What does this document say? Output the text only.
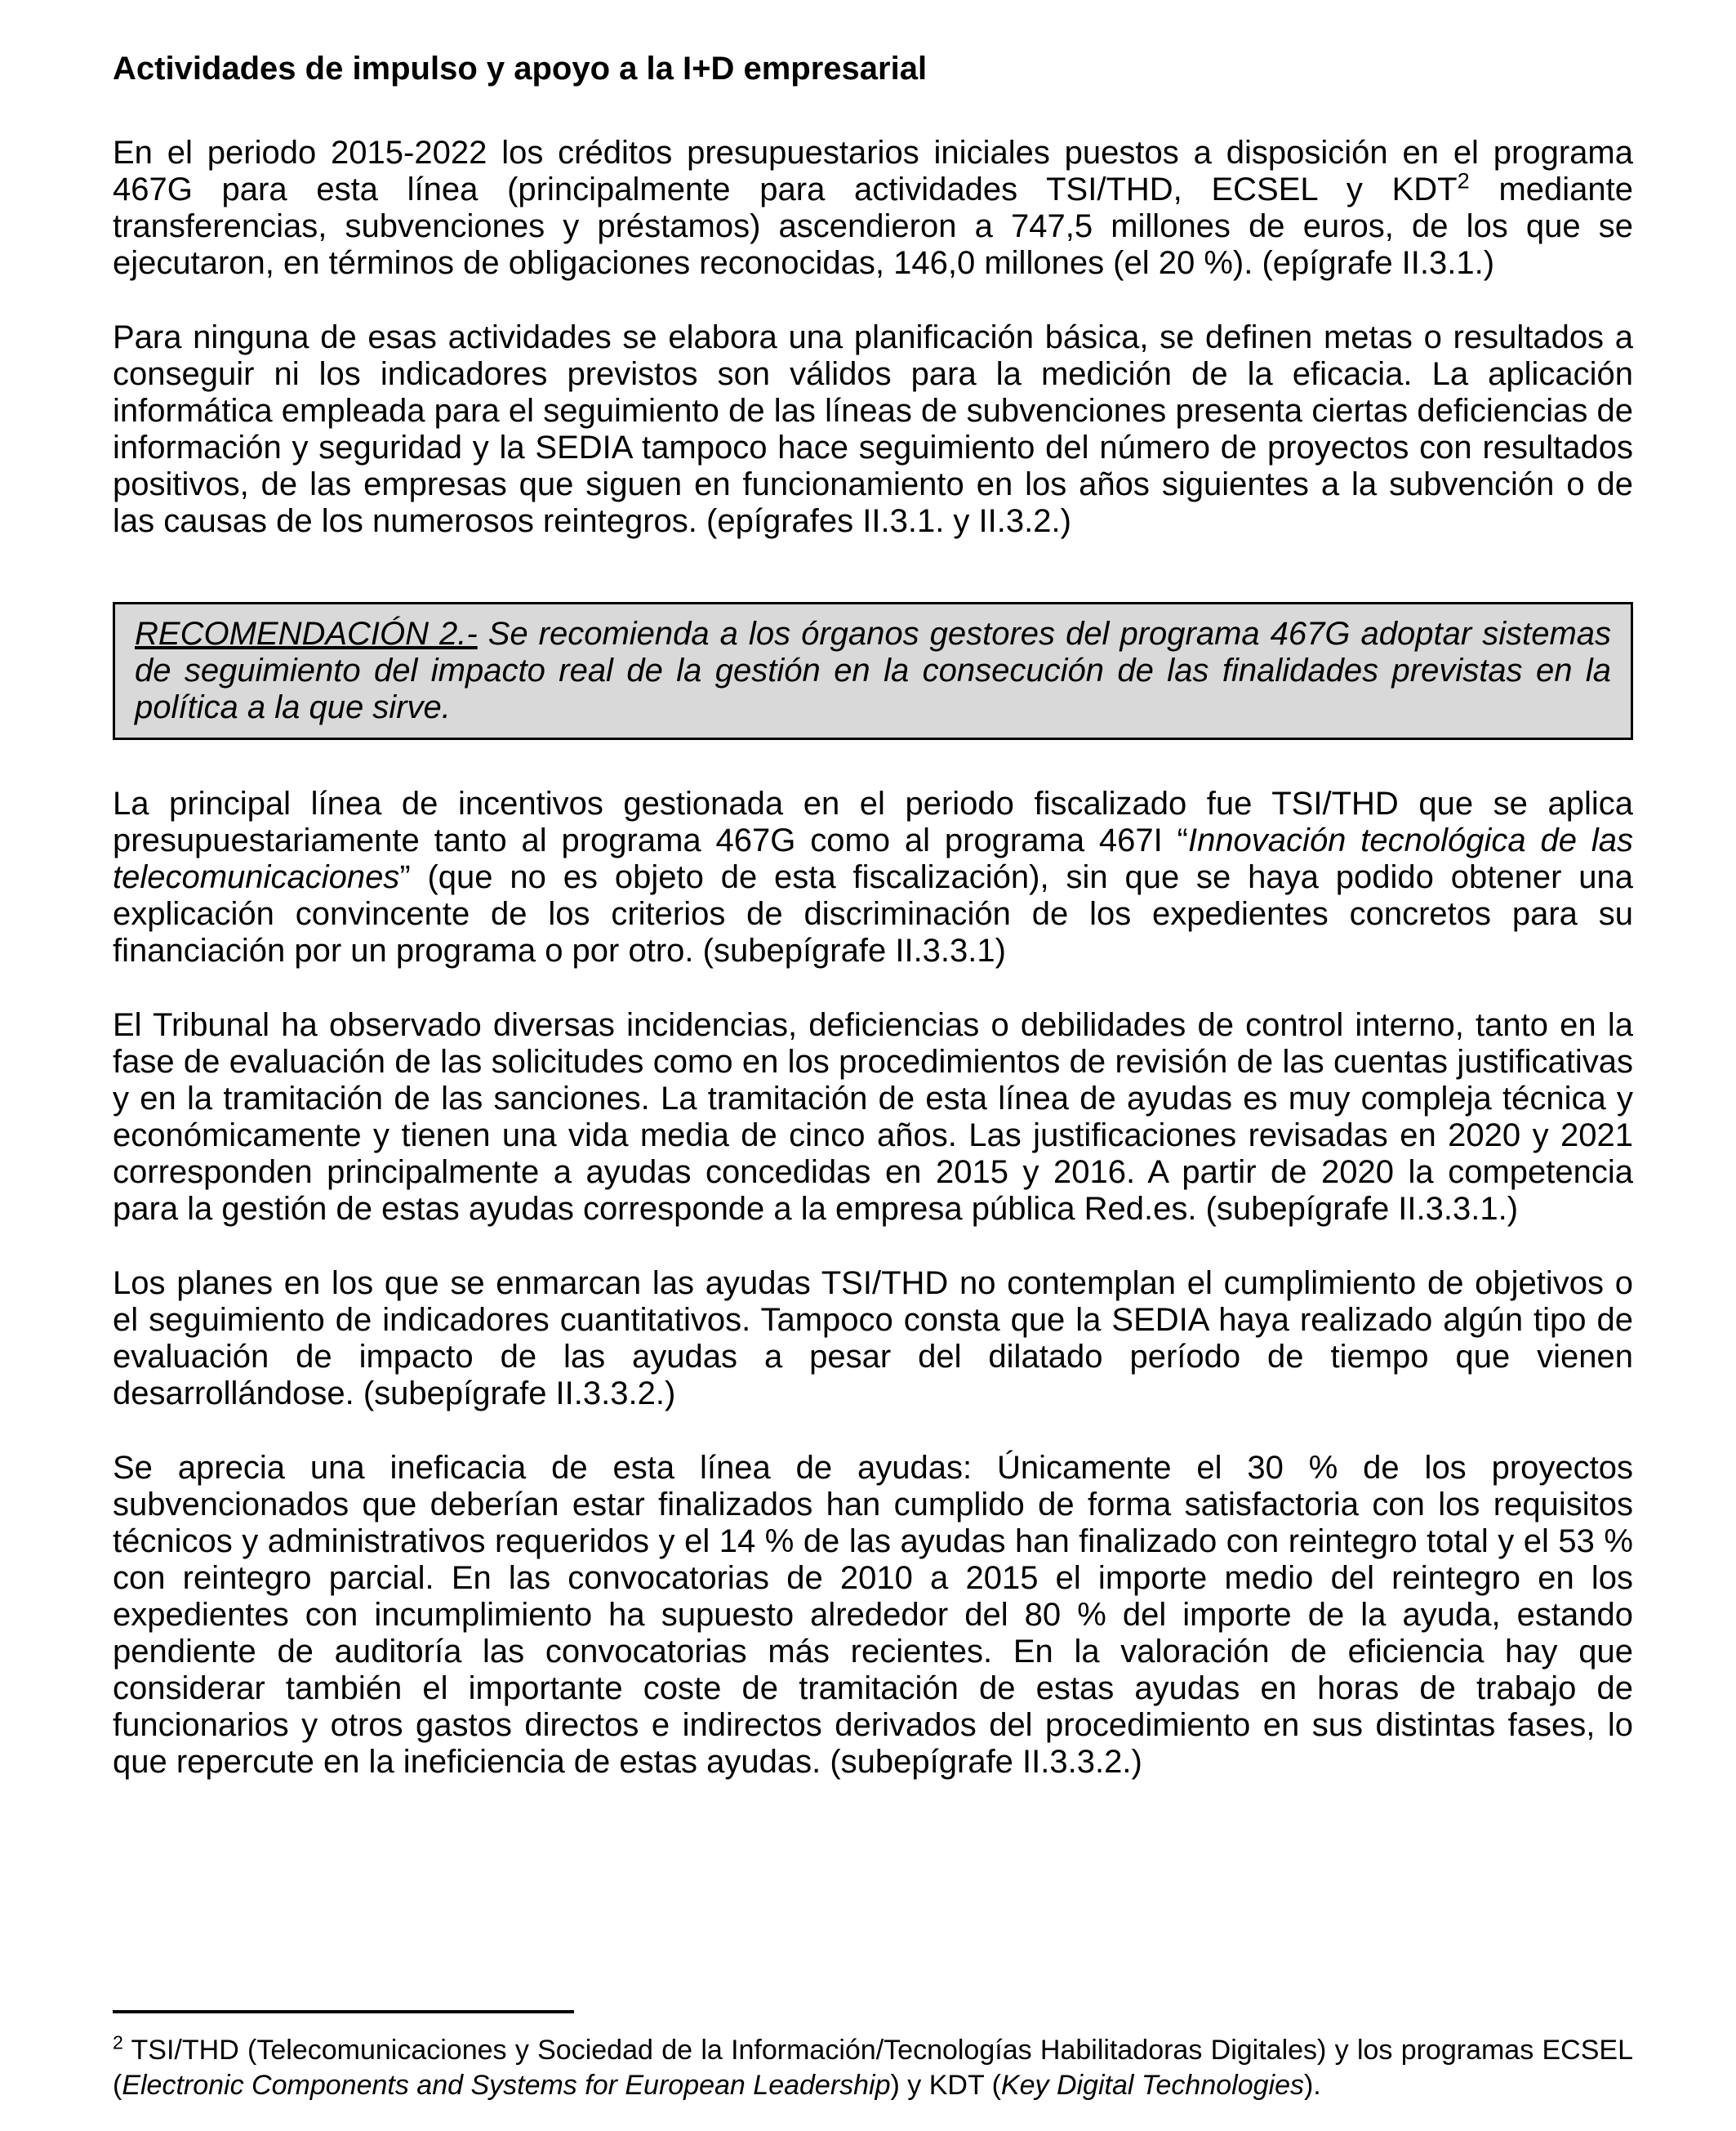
Actividades de impulso y apoyo a la I+D empresarial

En el periodo 2015-2022 los créditos presupuestarios iniciales puestos a disposición en el programa 467G para esta línea (principalmente para actividades TSI/THD, ECSEL y KDT$^2$ mediante transferencias, subvenciones y préstamos) ascendieron a 747,5 millones de euros, de los que se ejecutaron, en términos de obligaciones reconocidas, 146,0 millones (el 20 %). (epígrafe II.3.1.)

Para ninguna de esas actividades se elabora una planificación básica, se definen metas o resultados a conseguir ni los indicadores previstos son válidos para la medición de la eficacia. La aplicación informática empleada para el seguimiento de las líneas de subvenciones presenta ciertas deficiencias de información y seguridad y la SEDIA tampoco hace seguimiento del número de proyectos con resultados positivos, de las empresas que siguen en funcionamiento en los años siguientes a la subvención o de las causas de los numerosos reintegros. (epígrafes II.3.1. y II.3.2.)

RECOMENDACIÓN 2.- Se recomienda a los órganos gestores del programa 467G adoptar sistemas de seguimiento del impacto real de la gestión en la consecución de las finalidades previstas en la política a la que sirve.

La principal línea de incentivos gestionada en el periodo fiscalizado fue TSI/THD que se aplica presupuestariamente tanto al programa 467G como al programa 467I “Innovación tecnológica de las telecomunicaciones” (que no es objeto de esta fiscalización), sin que se haya podido obtener una explicación convincente de los criterios de discriminación de los expedientes concretos para su financiación por un programa o por otro. (subepígrafe II.3.3.1)

El Tribunal ha observado diversas incidencias, deficiencias o debilidades de control interno, tanto en la fase de evaluación de las solicitudes como en los procedimientos de revisión de las cuentas justificativas y en la tramitación de las sanciones. La tramitación de esta línea de ayudas es muy compleja técnica y económicamente y tienen una vida media de cinco años. Las justificaciones revisadas en 2020 y 2021 corresponden principalmente a ayudas concedidas en 2015 y 2016. A partir de 2020 la competencia para la gestión de estas ayudas corresponde a la empresa pública Red.es. (subepígrafe II.3.3.1.)

Los planes en los que se enmarcan las ayudas TSI/THD no contemplan el cumplimiento de objetivos o el seguimiento de indicadores cuantitativos. Tampoco consta que la SEDIA haya realizado algún tipo de evaluación de impacto de las ayudas a pesar del dilatado período de tiempo que vienen desarrollándose. (subepígrafe II.3.3.2.)

Se aprecia una ineficacia de esta línea de ayudas: Únicamente el 30 % de los proyectos subvencionados que deberían estar finalizados han cumplido de forma satisfactoria con los requisitos técnicos y administrativos requeridos y el 14 % de las ayudas han finalizado con reintegro total y el 53 % con reintegro parcial. En las convocatorias de 2010 a 2015 el importe medio del reintegro en los expedientes con incumplimiento ha supuesto alrededor del 80 % del importe de la ayuda, estando pendiente de auditoría las convocatorias más recientes. En la valoración de eficiencia hay que considerar también el importante coste de tramitación de estas ayudas en horas de trabajo de funcionarios y otros gastos directos e indirectos derivados del procedimiento en sus distintas fases, lo que repercute en la ineficiencia de estas ayudas. (subepígrafe II.3.3.2.)

$^2$ TSI/THD (Telecomunicaciones y Sociedad de la Información/Tecnologías Habilitadoras Digitales) y los programas ECSEL (Electronic Components and Systems for European Leadership) y KDT (Key Digital Technologies).
